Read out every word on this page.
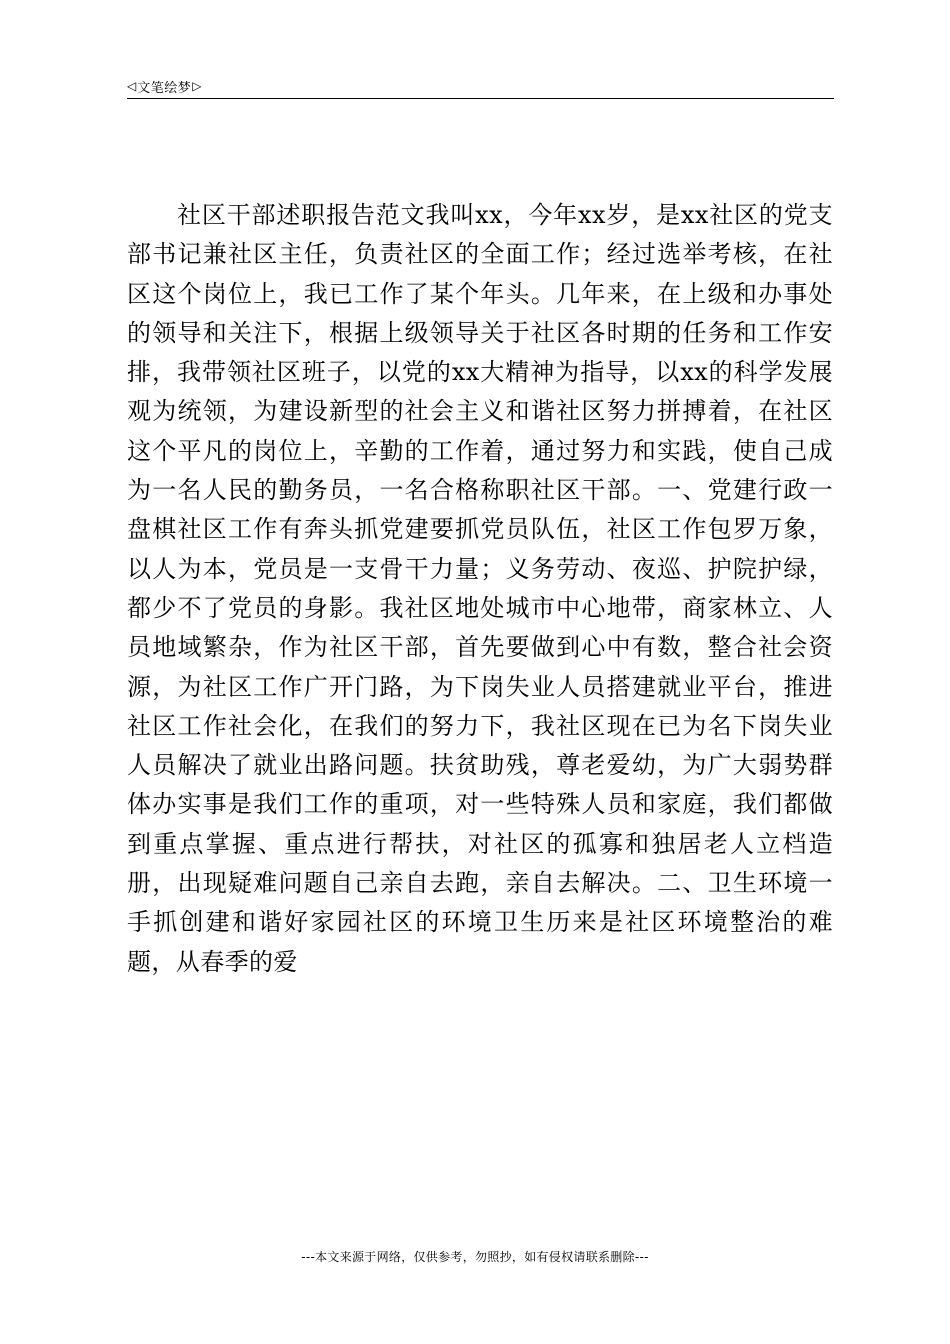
◁ 文笔绘梦 ▷

社区干部述职报告范文我叫xx，今年xx岁，是xx社区的党支部书记兼社区主任，负责社区的全面工作；经过选举考核，在社区这个岗位上，我已工作了某个年头。几年来，在上级和办事处的领导和关注下，根据上级领导关于社区各时期的任务和工作安排，我带领社区班子，以党的xx大精神为指导，以xx的科学发展观为统领，为建设新型的社会主义和谐社区努力拼搏着，在社区这个平凡的岗位上，辛勤的工作着，通过努力和实践，使自己成为一名人民的勤务员，一名合格称职社区干部。一、党建行政一盘棋社区工作有奔头抓党建要抓党员队伍，社区工作包罗万象，以人为本，党员是一支骨干力量；义务劳动、夜巡、护院护绿，都少不了党员的身影。我社区地处城市中心地带，商家林立、人员地域繁杂，作为社区干部，首先要做到心中有数，整合社会资源，为社区工作广开门路，为下岗失业人员搭建就业平台，推进社区工作社会化，在我们的努力下，我社区现在已为名下岗失业人员解决了就业出路问题。扶贫助残，尊老爱幼，为广大弱势群体办实事是我们工作的重项，对一些特殊人员和家庭，我们都做到重点掌握、重点进行帮扶，对社区的孤寡和独居老人立档造册，出现疑难问题自己亲自去跑，亲自去解决。二、卫生环境一手抓创建和谐好家园社区的环境卫生历来是社区环境整治的难题，从春季的爱

---本文来源于网络，仅供参考，勿照抄，如有侵权请联系删除---
